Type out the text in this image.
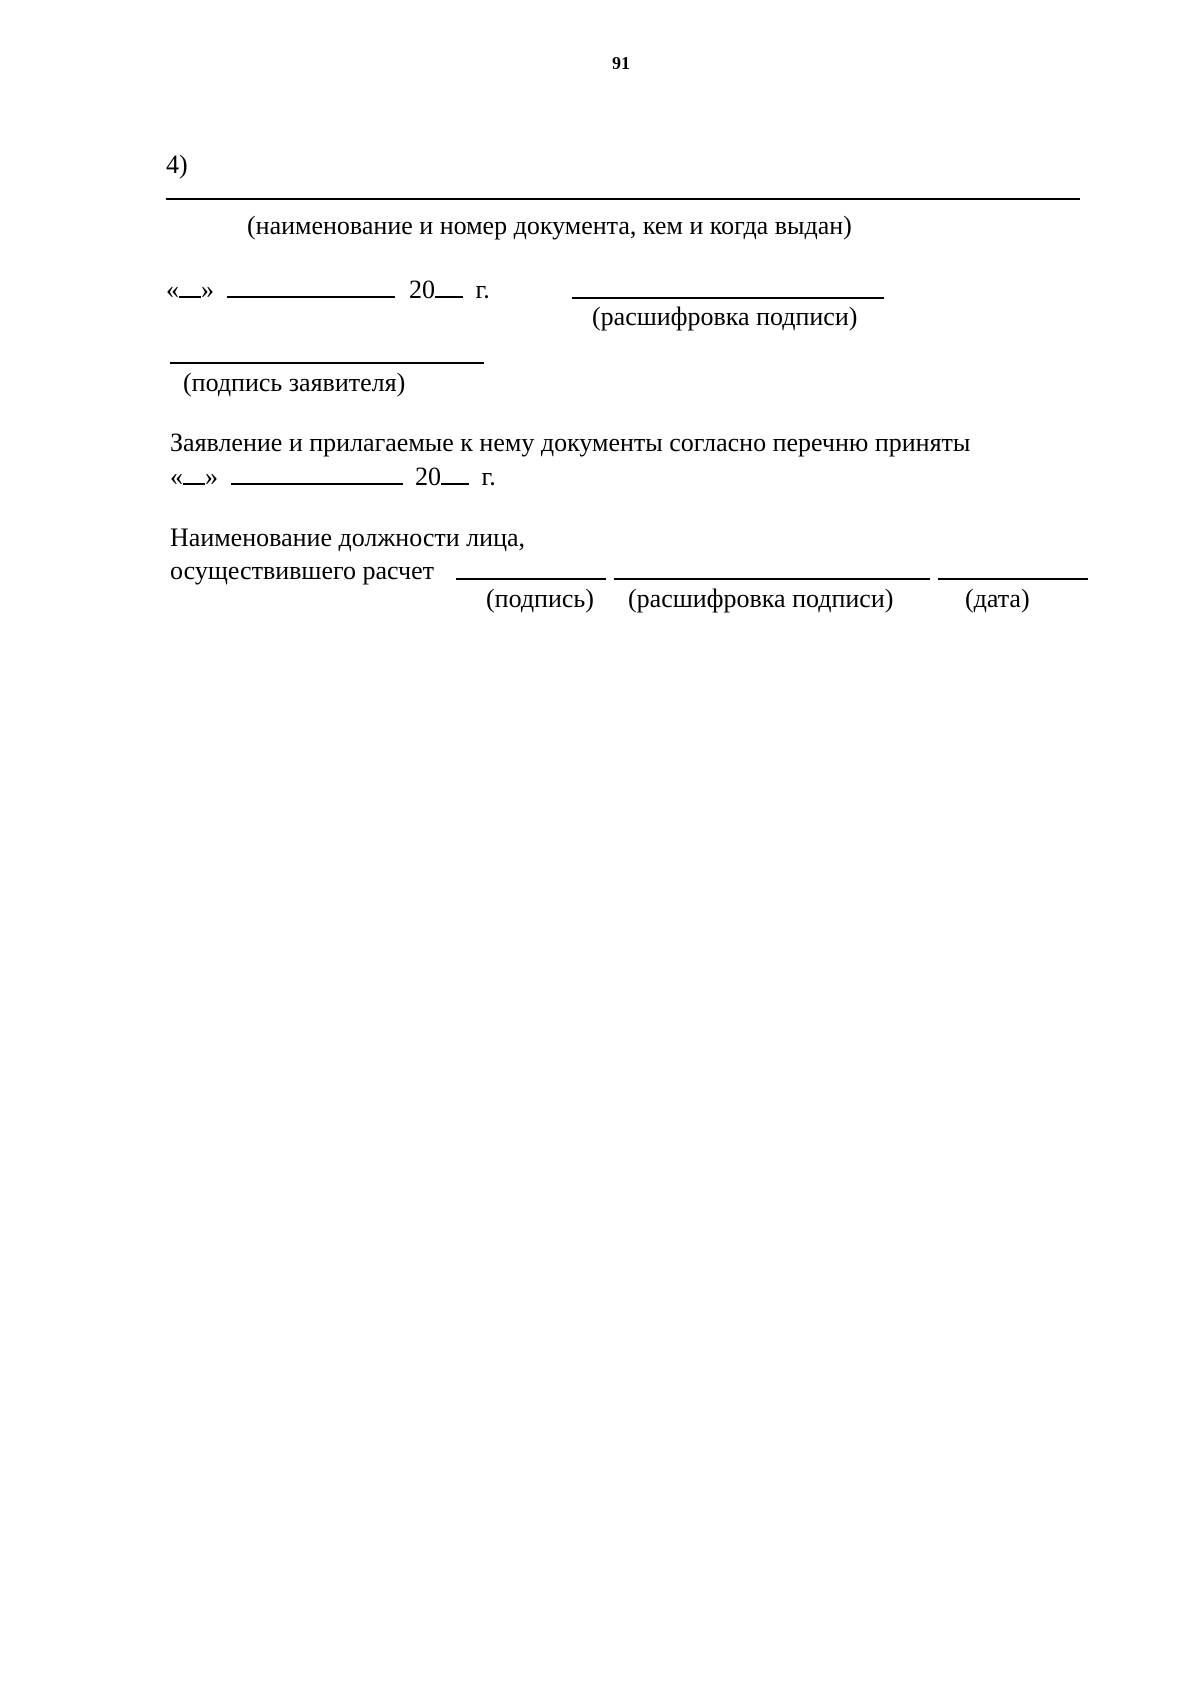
91
4)
(наименование и номер документа, кем и когда выдан)
« »	20 г.
(расшифровка подписи)
(подпись заявителя)
Заявление и прилагаемые к нему документы согласно перечню приняты
« »	20 г.
Наименование должности лица,
осуществившего расчет
(подпись) (расшифровка подписи)	(дата)
